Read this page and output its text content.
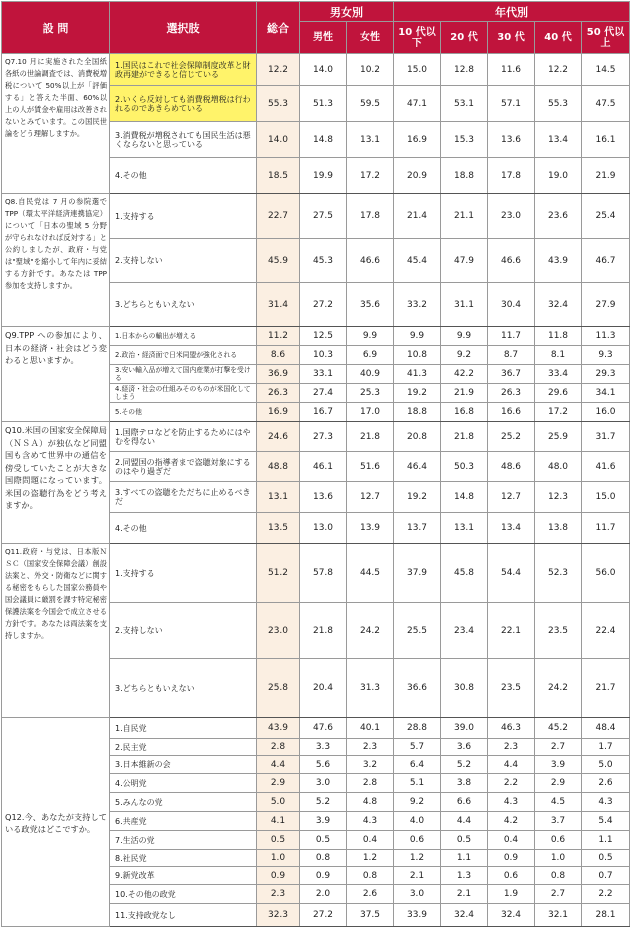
設 問	選択肢	総合	男女別		年代別				
			男性	女性	10 代以下	20 代	30 代	40 代	50 代以上
Q7.10 月に実施された全国紙各紙の世論調査では、消費税増税について 50%以上が「評価する」と答えた半面、60%以上の人が賃金や雇用は改善されないとみています。この国民世論をどう理解しますか。	1.国民はこれで社会保障制度改革と財政再建ができると信じている	12.2	14.0	10.2	15.0	12.8	11.6	12.2	14.5
	2.いくら反対しても消費税増税は行われるのであきらめている	55.3	51.3	59.5	47.1	53.1	57.1	55.3	47.5
	3.消費税が増税されても国民生活は悪くならないと思っている	14.0	14.8	13.1	16.9	15.3	13.6	13.4	16.1
	4.その他	18.5	19.9	17.2	20.9	18.8	17.8	19.0	21.9
Q8.自民党は 7 月の参院選で TPP（環太平洋経済連携協定）について「日本の聖域 5 分野が守られなければ反対する」と公約しましたが、政府・与党は"聖域"を縮小して年内に妥結する方針です。あなたは TPP 参加を支持しますか。	1.支持する	22.7	27.5	17.8	21.4	21.1	23.0	23.6	25.4
	2.支持しない	45.9	45.3	46.6	45.4	47.9	46.6	43.9	46.7
	3.どちらともいえない	31.4	27.2	35.6	33.2	31.1	30.4	32.4	27.9
Q9.TPP への参加により、日本の経済・社会はどう変わると思いますか。	1.日本からの輸出が増える	11.2	12.5	9.9	9.9	9.9	11.7	11.8	11.3
	2.政治・経済面で日米同盟が強化される	8.6	10.3	6.9	10.8	9.2	8.7	8.1	9.3
	3.安い輸入品が増えて国内産業が打撃を受ける	36.9	33.1	40.9	41.3	42.2	36.7	33.4	29.3
	4.経済・社会の仕組みそのものが米国化してしまう	26.3	27.4	25.3	19.2	21.9	26.3	29.6	34.1
	5.その他	16.9	16.7	17.0	18.8	16.8	16.6	17.2	16.0
Q10.米国の国家安全保障局（ＮＳＡ）が独仏など同盟国も含めて世界中の通信を傍受していたことが大きな国際問題になっています。米国の盗聴行為をどう考えますか。	1.国際テロなどを防止するためにはやむを得ない	24.6	27.3	21.8	20.8	21.8	25.2	25.9	31.7
	2.同盟国の指導者まで盗聴対象にするのはやり過ぎだ	48.8	46.1	51.6	46.4	50.3	48.6	48.0	41.6
	3.すべての盗聴をただちに止めるべきだ	13.1	13.6	12.7	19.2	14.8	12.7	12.3	15.0
	4.その他	13.5	13.0	13.9	13.7	13.1	13.4	13.8	11.7
Q11.政府・与党は、日本版ＮＳＣ（国家安全保障会議）創設法案と、外交・防衛などに関する秘密をもらした国家公務員や国会議員に厳罰を課す特定秘密保護法案を今国会で成立させる方針です。あなたは両法案を支持しますか。	1.支持する	51.2	57.8	44.5	37.9	45.8	54.4	52.3	56.0
	2.支持しない	23.0	21.8	24.2	25.5	23.4	22.1	23.5	22.4
	3.どちらともいえない	25.8	20.4	31.3	36.6	30.8	23.5	24.2	21.7
Q12.今、あなたが支持している政党はどこですか。	1.自民党	43.9	47.6	40.1	28.8	39.0	46.3	45.2	48.4
	2.民主党	2.8	3.3	2.3	5.7	3.6	2.3	2.7	1.7
	3.日本維新の会	4.4	5.6	3.2	6.4	5.2	4.4	3.9	5.0
	4.公明党	2.9	3.0	2.8	5.1	3.8	2.2	2.9	2.6
	5.みんなの党	5.0	5.2	4.8	9.2	6.6	4.3	4.5	4.3
	6.共産党	4.1	3.9	4.3	4.0	4.4	4.2	3.7	5.4
	7.生活の党	0.5	0.5	0.4	0.6	0.5	0.4	0.6	1.1
	8.社民党	1.0	0.8	1.2	1.2	1.1	0.9	1.0	0.5
	9.新党改革	0.9	0.9	0.8	2.1	1.3	0.6	0.8	0.7
	10.その他の政党	2.3	2.0	2.6	3.0	2.1	1.9	2.7	2.2
	11.支持政党なし	32.3	27.2	37.5	33.9	32.4	32.4	32.1	28.1
